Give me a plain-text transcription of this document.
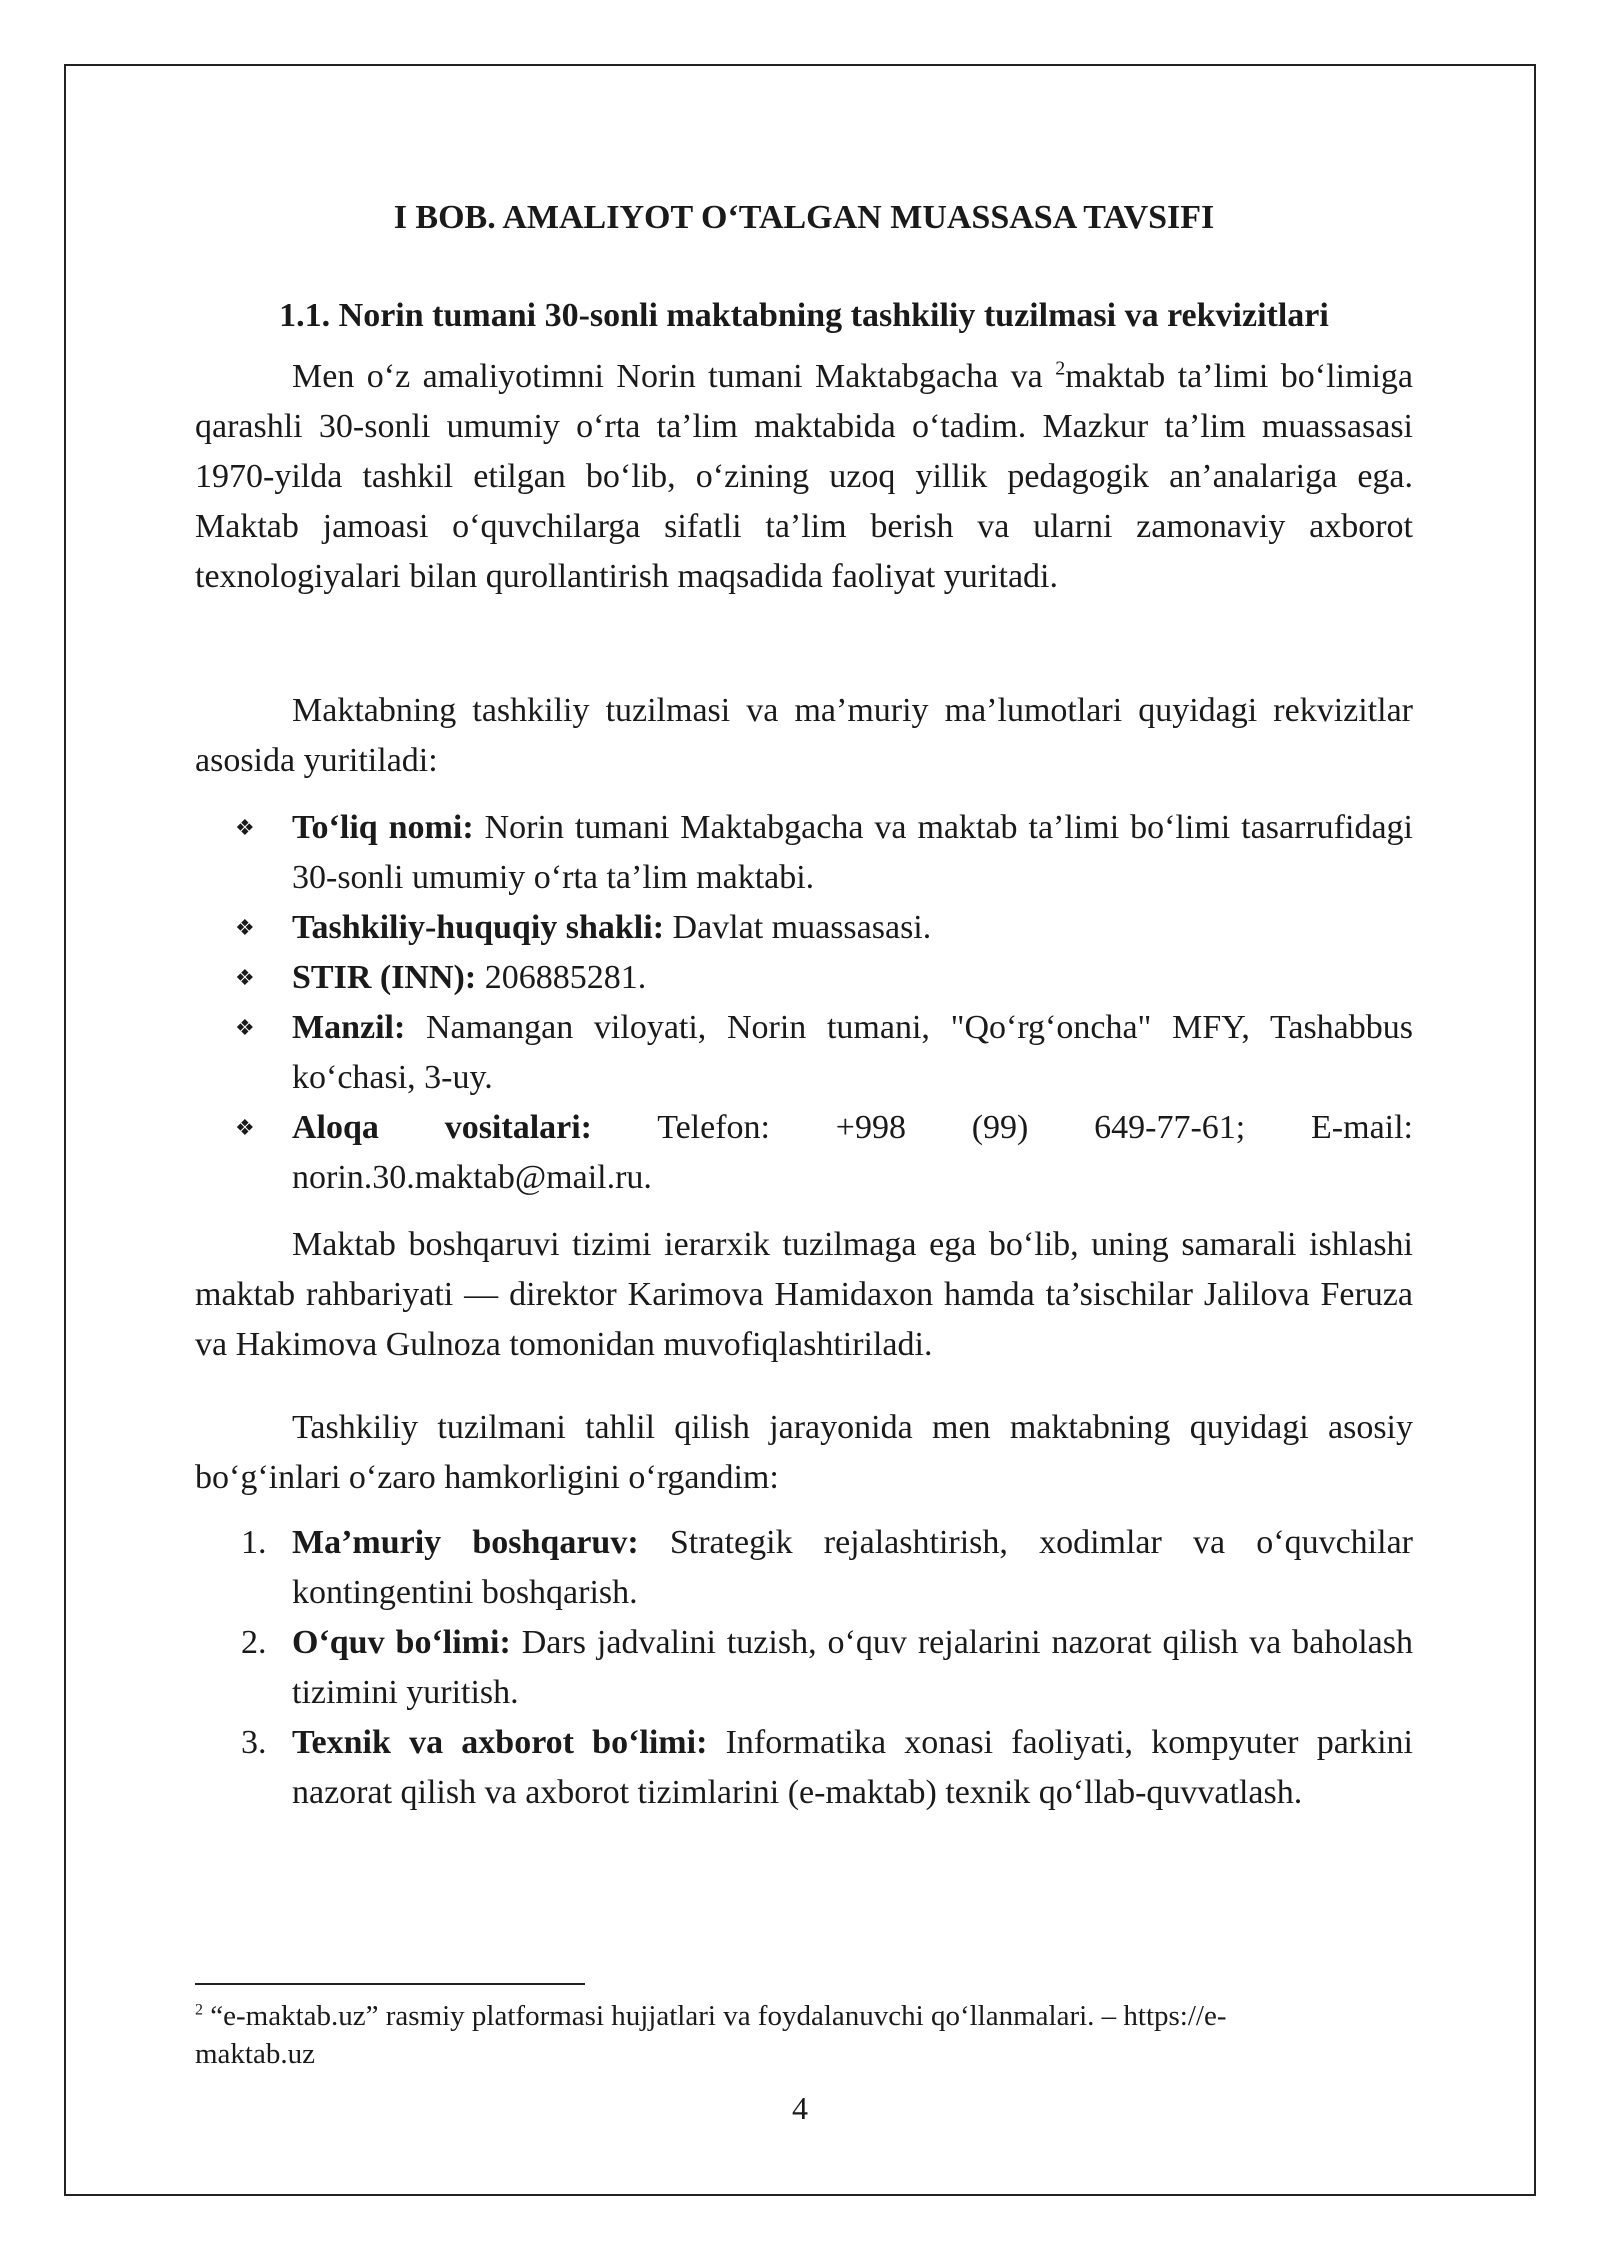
I BOB. AMALIYOT O‘TALGAN MUASSASA TAVSIFI
1.1. Norin tumani 30-sonli maktabning tashkiliy tuzilmasi va rekvizitlari

Men o‘z amaliyotimni Norin tumani Maktabgacha va $^2$maktab ta’limi bo‘limiga qarashli 30-sonli umumiy o‘rta ta’lim maktabida o‘tadim. Mazkur ta’lim muassasasi 1970-yilda tashkil etilgan bo‘lib, o‘zining uzoq yillik pedagogik an’analariga ega. Maktab jamoasi o‘quvchilarga sifatli ta’lim berish va ularni zamonaviy axborot texnologiyalari bilan qurollantirish maqsadida faoliyat yuritadi.

Maktabning tashkiliy tuzilmasi va ma’muriy ma’lumotlari quyidagi rekvizitlar asosida yuritiladi:

❖	To‘liq nomi: Norin tumani Maktabgacha va maktab ta’limi bo‘limi tasarrufidagi 30-sonli umumiy o‘rta ta’lim maktabi.
❖	Tashkiliy-huquqiy shakli: Davlat muassasasi.
❖	STIR (INN): 206885281.
❖	Manzil: Namangan viloyati, Norin tumani, "Qo‘rg‘oncha" MFY, Tashabbus ko‘chasi, 3-uy.
❖	Aloqa vositalari: Telefon: +998 (99) 649-77-61; E-mail: norin.30.maktab@mail.ru.

Maktab boshqaruvi tizimi ierarxik tuzilmaga ega bo‘lib, uning samarali ishlashi maktab rahbariyati — direktor Karimova Hamidaxon hamda ta’sischilar Jalilova Feruza va Hakimova Gulnoza tomonidan muvofiqlashtiriladi.

Tashkiliy tuzilmani tahlil qilish jarayonida men maktabning quyidagi asosiy bo‘g‘inlari o‘zaro hamkorligini o‘rgandim:

1. Ma’muriy boshqaruv: Strategik rejalashtirish, xodimlar va o‘quvchilar kontingentini boshqarish.
2. O‘quv bo‘limi: Dars jadvalini tuzish, o‘quv rejalarini nazorat qilish va baholash tizimini yuritish.
3. Texnik va axborot bo‘limi: Informatika xonasi faoliyati, kompyuter parkini nazorat qilish va axborot tizimlarini (e-maktab) texnik qo‘llab-quvvatlash.

$^2$ “e-maktab.uz” rasmiy platformasi hujjatlari va foydalanuvchi qo‘llanmalari. – https://e-maktab.uz

4
